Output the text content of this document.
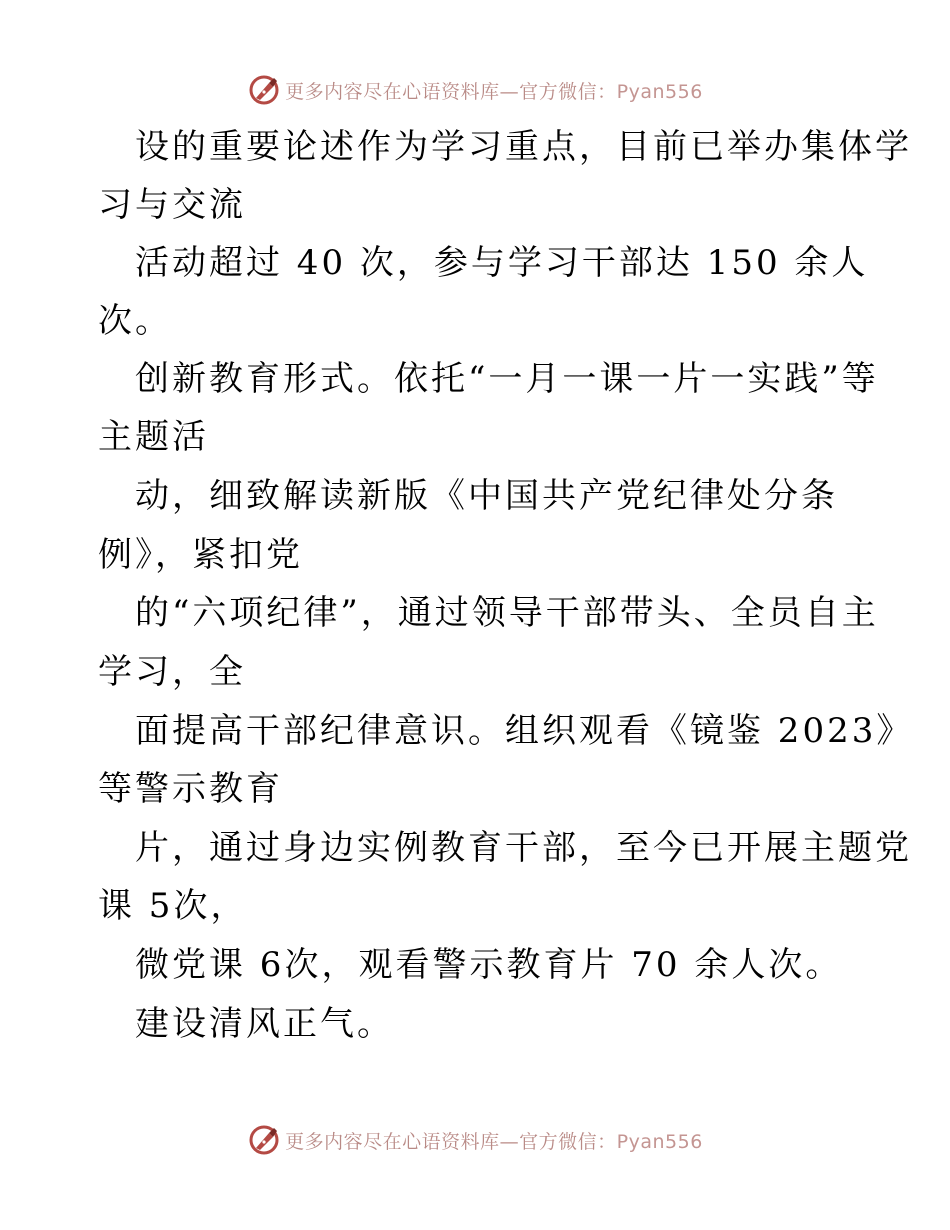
更多内容尽在心语资料库—官方微信：Pyan556
设的重要论述作为学习重点，目前已举办集体学
习与交流
活动超过 40 次，参与学习干部达 150 余人
次。
创新教育形式。依托“一月一课一片一实践”等
主题活
动，细致解读新版《中国共产党纪律处分条
例》，紧扣党
的“六项纪律”，通过领导干部带头、全员自主
学习，全
面提高干部纪律意识。组织观看《镜鉴 2023》
等警示教育
片，通过身边实例教育干部，至今已开展主题党
课 5次，
微党课 6次，观看警示教育片 70 余人次。
建设清风正气。
更多内容尽在心语资料库—官方微信：Pyan556
